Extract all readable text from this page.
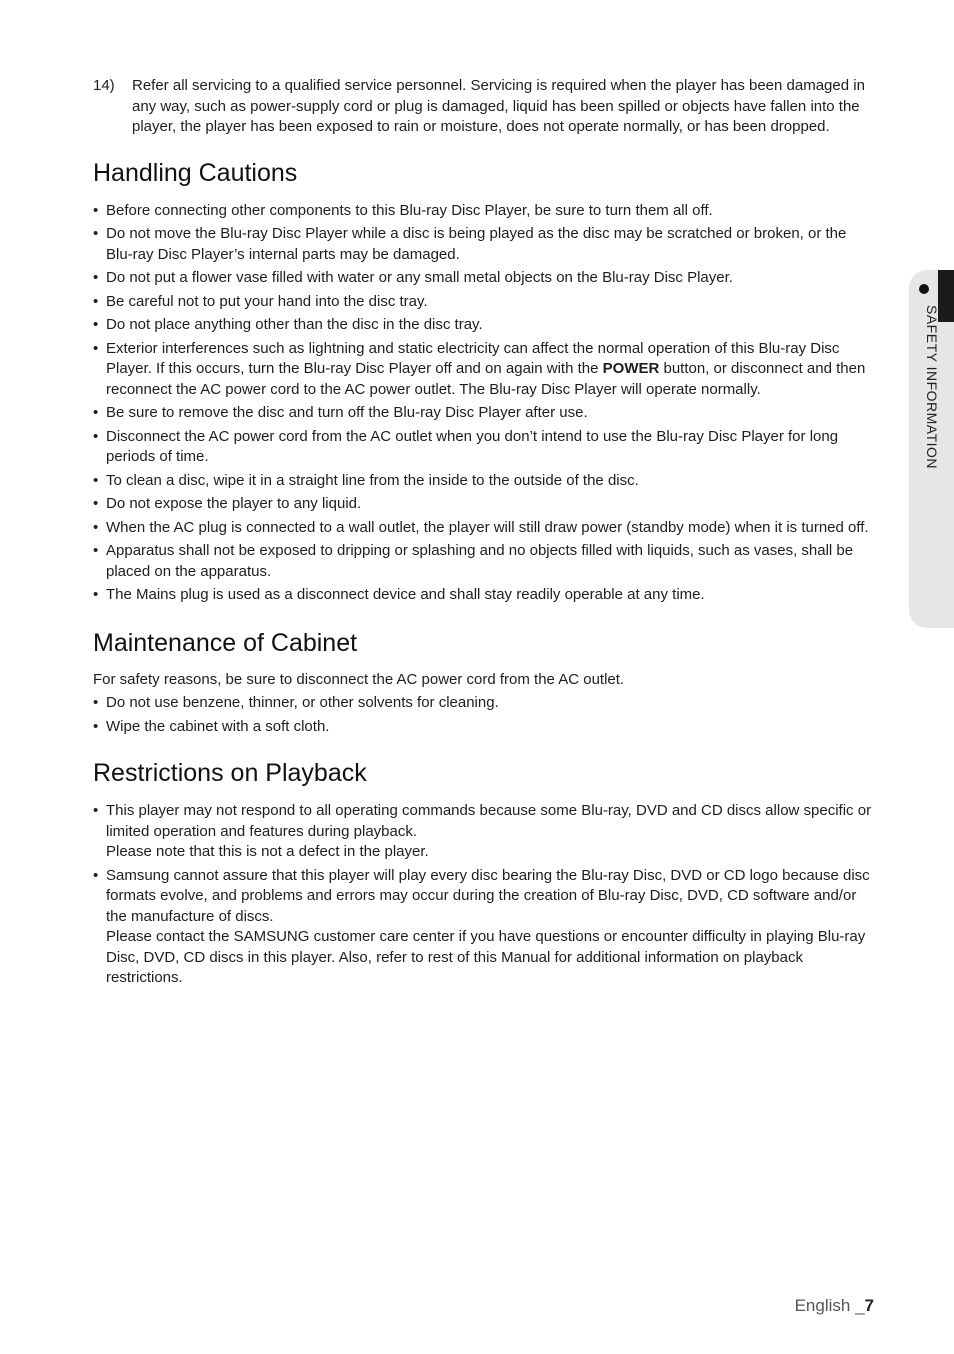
SAFETY INFORMATION
14)	Refer all servicing to a qualified service personnel. Servicing is required when the player has been damaged in any way, such as power-supply cord or plug is damaged, liquid has been spilled or objects have fallen into the player, the player has been exposed to rain or moisture, does not operate normally, or has been dropped.
Handling Cautions
• Before connecting other components to this Blu-ray Disc Player, be sure to turn them all off.
• Do not move the Blu-ray Disc Player while a disc is being played as the disc may be scratched or broken, or the Blu-ray Disc Player’s internal parts may be damaged.
• Do not put a flower vase filled with water or any small metal objects on the Blu-ray Disc Player.
• Be careful not to put your hand into the disc tray.
• Do not place anything other than the disc in the disc tray.
• Exterior interferences such as lightning and static electricity can affect the normal operation of this Blu-ray Disc Player. If this occurs, turn the Blu-ray Disc Player off and on again with the POWER button, or disconnect and then reconnect the AC power cord to the AC power outlet. The Blu-ray Disc Player will operate normally.
• Be sure to remove the disc and turn off the Blu-ray Disc Player after use.
• Disconnect the AC power cord from the AC outlet when you don’t intend to use the Blu-ray Disc Player for long periods of time.
• To clean a disc, wipe it in a straight line from the inside to the outside of the disc.
• Do not expose the player to any liquid.
• When the AC plug is connected to a wall outlet, the player will still draw power (standby mode) when it is turned off.
• Apparatus shall not be exposed to dripping or splashing and no objects filled with liquids, such as vases, shall be placed on the apparatus.
• The Mains plug is used as a disconnect device and shall stay readily operable at any time.
Maintenance of Cabinet

For safety reasons, be sure to disconnect the AC power cord from the AC outlet.

• Do not use benzene, thinner, or other solvents for cleaning.
• Wipe the cabinet with a soft cloth.
Restrictions on Playback
• This player may not respond to all operating commands because some Blu-ray, DVD and CD discs allow specific or limited operation and features during playback.
Please note that this is not a defect in the player.
• Samsung cannot assure that this player will play every disc bearing the Blu-ray Disc, DVD or CD logo because disc formats evolve, and problems and errors may occur during the creation of Blu-ray Disc, DVD, CD software and/or the manufacture of discs.
Please contact the SAMSUNG customer care center if you have questions or encounter difficulty in playing Blu-ray Disc, DVD, CD discs in this player. Also, refer to rest of this Manual for additional information on playback restrictions.
English _7
